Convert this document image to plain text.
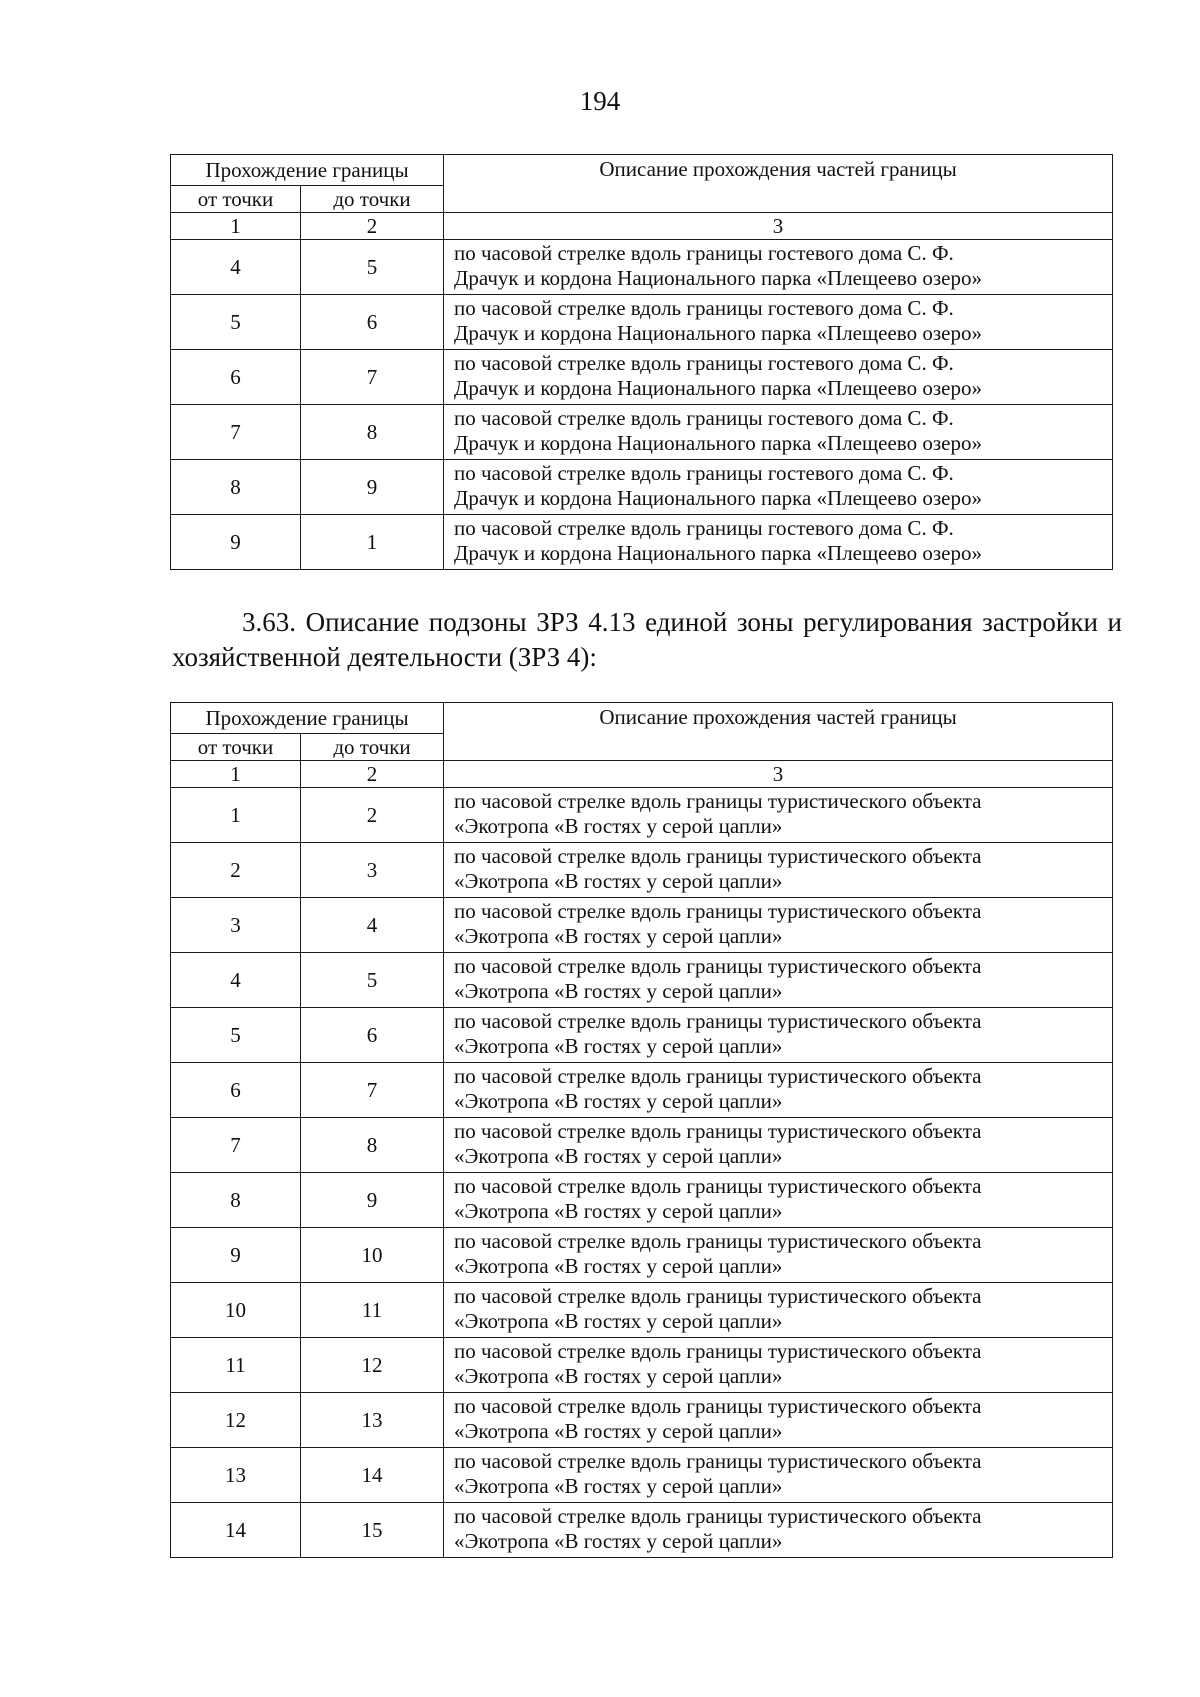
194
Прохождение границы		Описание прохождения частей границы
от точки	до точки	
1	2	3
4	5	по часовой стрелке вдоль границы гостевого дома С. Ф.
Драчук и кордона Национального парка «Плещеево озеро»

5	6	по часовой стрелке вдоль границы гостевого дома С. Ф.
Драчук и кордона Национального парка «Плещеево озеро»

6	7	по часовой стрелке вдоль границы гостевого дома С. Ф.
Драчук и кордона Национального парка «Плещеево озеро»

7	8	по часовой стрелке вдоль границы гостевого дома С. Ф.
Драчук и кордона Национального парка «Плещеево озеро»

8	9	по часовой стрелке вдоль границы гостевого дома С. Ф.
Драчук и кордона Национального парка «Плещеево озеро»

9	1	по часовой стрелке вдоль границы гостевого дома С. Ф.
Драчук и кордона Национального парка «Плещеево озеро»
3.63. Описание подзоны ЗРЗ 4.13 единой зоны регулирования застройки и хозяйственной деятельности (ЗРЗ 4):
Прохождение границы		Описание прохождения частей границы
от точки	до точки	
1	2	3
1	2	по часовой стрелке вдоль границы туристического объекта
«Экотропа «В гостях у серой цапли»

2	3	по часовой стрелке вдоль границы туристического объекта
«Экотропа «В гостях у серой цапли»

3	4	по часовой стрелке вдоль границы туристического объекта
«Экотропа «В гостях у серой цапли»

4	5	по часовой стрелке вдоль границы туристического объекта
«Экотропа «В гостях у серой цапли»

5	6	по часовой стрелке вдоль границы туристического объекта
«Экотропа «В гостях у серой цапли»

6	7	по часовой стрелке вдоль границы туристического объекта
«Экотропа «В гостях у серой цапли»

7	8	по часовой стрелке вдоль границы туристического объекта
«Экотропа «В гостях у серой цапли»

8	9	по часовой стрелке вдоль границы туристического объекта
«Экотропа «В гостях у серой цапли»

9	10	по часовой стрелке вдоль границы туристического объекта
«Экотропа «В гостях у серой цапли»

10	11	по часовой стрелке вдоль границы туристического объекта
«Экотропа «В гостях у серой цапли»

11	12	по часовой стрелке вдоль границы туристического объекта
«Экотропа «В гостях у серой цапли»

12	13	по часовой стрелке вдоль границы туристического объекта
«Экотропа «В гостях у серой цапли»

13	14	по часовой стрелке вдоль границы туристического объекта
«Экотропа «В гостях у серой цапли»

14	15	по часовой стрелке вдоль границы туристического объекта
«Экотропа «В гостях у серой цапли»
